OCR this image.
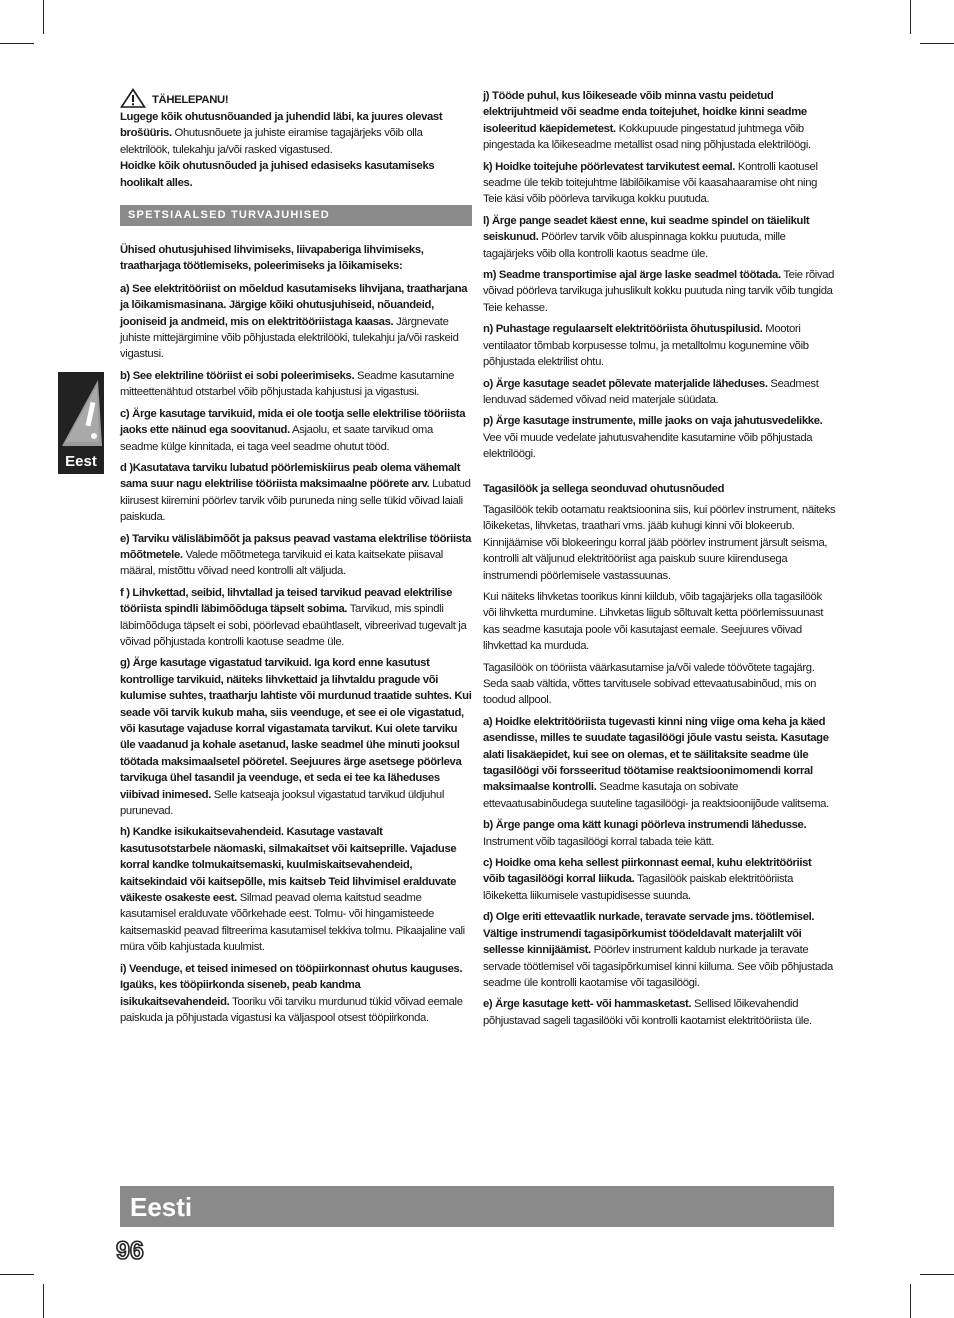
Eest
TÄHELEPANU!

Lugege kõik ohutusnõuanded ja juhendid läbi, ka juures olevast brošüüris. Ohutusnõuete ja juhiste eiramise tagajärjeks võib olla elektrilöök, tulekahju ja/või rasked vigastused.

Hoidke kõik ohutusnõuded ja juhised edasiseks kasutamiseks hoolikalt alles.

SPETSIAALSED TURVAJUHISED

Ühised ohutusjuhised lihvimiseks, liivapaberiga lihvimiseks, traatharjaga töötlemiseks, poleerimiseks ja lõikamiseks:

a) See elektritööriist on mõeldud kasutamiseks lihvijana, traatharjana ja lõikamismasinana. Järgige kõiki ohutusjuhiseid, nõuandeid, jooniseid ja andmeid, mis on elektritööriistaga kaasas. Järgnevate juhiste mittejärgimine võib põhjustada elektrilööki, tulekahju ja/või raskeid vigastusi.

b) See elektriline tööriist ei sobi poleerimiseks. Seadme kasutamine mitteettenähtud otstarbel võib põhjustada kahjustusi ja vigastusi.

c) Ärge kasutage tarvikuid, mida ei ole tootja selle elektrilise tööriista jaoks ette näinud ega soovitanud. Asjaolu, et saate tarvikud oma seadme külge kinnitada, ei taga veel seadme ohutut tööd.

d )Kasutatava tarviku lubatud pöörlemiskiirus peab olema vähemalt sama suur nagu elektrilise tööriista maksimaalne pöörete arv. Lubatud kiirusest kiiremini pöörlev tarvik võib puruneda ning selle tükid võivad laiali paiskuda.

e) Tarviku välisläbimõõt ja paksus peavad vastama elektrilise tööriista mõõtmetele. Valede mõõtmetega tarvikuid ei kata kaitsekate piisaval määral, mistõttu võivad need kontrolli alt väljuda.

f ) Lihvkettad, seibid, lihvtallad ja teised tarvikud peavad elektrilise tööriista spindli läbimõõduga täpselt sobima. Tarvikud, mis spindli läbimõõduga täpselt ei sobi, pöörlevad ebaühtlaselt, vibreerivad tugevalt ja võivad põhjustada kontrolli kaotuse seadme üle.

g) Ärge kasutage vigastatud tarvikuid. Iga kord enne kasutust kontrollige tarvikuid, näiteks lihvkettaid ja lihvtaldu pragude või kulumise suhtes, traatharju lahtiste või murdunud traatide suhtes. Kui seade või tarvik kukub maha, siis veenduge, et see ei ole vigastatud, või kasutage vajaduse korral vigastamata tarvikut. Kui olete tarviku üle vaadanud ja kohale asetanud, laske seadmel ühe minuti jooksul töötada maksimaalsetel pööretel. Seejuures ärge asetsege pöörleva tarvikuga ühel tasandil ja veenduge, et seda ei tee ka läheduses viibivad inimesed. Selle katseaja jooksul vigastatud tarvikud üldjuhul purunevad.

h) Kandke isikukaitsevahendeid. Kasutage vastavalt kasutusotstarbele näomaski, silmakaitset või kaitseprille. Vajaduse korral kandke tolmukaitsemaski, kuulmiskaitsevahendeid, kaitsekindaid või kaitsepõlle, mis kaitseb Teid lihvimisel eralduvate väikeste osakeste eest. Silmad peavad olema kaitstud seadme kasutamisel eralduvate võõrkehade eest. Tolmu- või hingamisteede kaitsemaskid peavad filtreerima kasutamisel tekkiva tolmu. Pikaajaline vali müra võib kahjustada kuulmist.

i) Veenduge, et teised inimesed on tööpiirkonnast ohutus kauguses. Igaüks, kes tööpiirkonda siseneb, peab kandma isikukaitsevahendeid. Tooriku või tarviku murdunud tükid võivad eemale paiskuda ja põhjustada vigastusi ka väljaspool otsest tööpiirkonda.

j) Tööde puhul, kus lõikeseade võib minna vastu peidetud elektrijuhtmeid või seadme enda toitejuhet, hoidke kinni seadme isoleeritud käepidemetest. Kokkupuude pingestatud juhtmega võib pingestada ka lõikeseadme metallist osad ning põhjustada elektrilöögi.

k) Hoidke toitejuhe pöörlevatest tarvikutest eemal. Kontrolli kaotusel seadme üle tekib toitejuhtme läbilõikamise või kaasahaaramise oht ning Teie käsi võib pöörleva tarvikuga kokku puutuda.

l) Ärge pange seadet käest enne, kui seadme spindel on täielikult seiskunud. Pöörlev tarvik võib aluspinnaga kokku puutuda, mille tagajärjeks võib olla kontrolli kaotus seadme üle.

m) Seadme transportimise ajal ärge laske seadmel töötada. Teie rõivad võivad pöörleva tarvikuga juhuslikult kokku puutuda ning tarvik võib tungida Teie kehasse.

n) Puhastage regulaarselt elektritööriista õhutuspilusid. Mootori ventilaator tõmbab korpusesse tolmu, ja metalltolmu kogunemine võib põhjustada elektrilist ohtu.

o) Ärge kasutage seadet põlevate materjalide läheduses. Seadmest lenduvad sädemed võivad neid materjale süüdata.

p) Ärge kasutage instrumente, mille jaoks on vaja jahutusvedelikke. Vee või muude vedelate jahutusvahendite kasutamine võib põhjustada elektrilöögi.

Tagasilöök ja sellega seonduvad ohutusnõuded

Tagasilöök tekib ootamatu reaktsioonina siis, kui pöörlev instrument, näiteks lõikeketas, lihvketas, traathari vms. jääb kuhugi kinni või blokeerub. Kinnijäämise või blokeeringu korral jääb pöörlev instrument järsult seisma, kontrolli alt väljunud elektritööriist aga paiskub suure kiirendusega instrumendi pöörlemisele vastassuunas.

Kui näiteks lihvketas toorikus kinni kiildub, võib tagajärjeks olla tagasilöök või lihvketta murdumine. Lihvketas liigub sõltuvalt ketta pöörlemissuunast kas seadme kasutaja poole või kasutajast eemale. Seejuures võivad lihvkettad ka murduda.

Tagasilöök on tööriista väärkasutamise ja/või valede töövõtete tagajärg. Seda saab vältida, võttes tarvitusele sobivad ettevaatusabinõud, mis on toodud allpool.

a) Hoidke elektritööriista tugevasti kinni ning viige oma keha ja käed asendisse, milles te suudate tagasilöögi jõule vastu seista. Kasutage alati lisakäepidet, kui see on olemas, et te säilitaksite seadme üle tagasilöögi või forsseeritud töötamise reaktsioonimomendi korral maksimaalse kontrolli. Seadme kasutaja on sobivate ettevaatusabinõudega suuteline tagasilöögi- ja reaktsioonijõude valitsema.

b) Ärge pange oma kätt kunagi pöörleva instrumendi lähedusse. Instrument võib tagasilöögi korral tabada teie kätt.

c) Hoidke oma keha sellest piirkonnast eemal, kuhu elektritööriist võib tagasilöögi korral liikuda. Tagasilöök paiskab elektritööriista lõikeketta liikumisele vastupidisesse suunda.

d) Olge eriti ettevaatlik nurkade, teravate servade jms. töötlemisel. Vältige instrumendi tagasipõrkumist töödeldavalt materjalilt või sellesse kinnijäämist. Pöörlev instrument kaldub nurkade ja teravate servade töötlemisel või tagasipõrkumisel kinni kiiluma. See võib põhjustada seadme üle kontrolli kaotamise või tagasilöögi.

e) Ärge kasutage kett- või hammasketast. Sellised lõikevahendid põhjustavad sageli tagasilööki või kontrolli kaotamist elektritööriista üle.

Eesti
96
